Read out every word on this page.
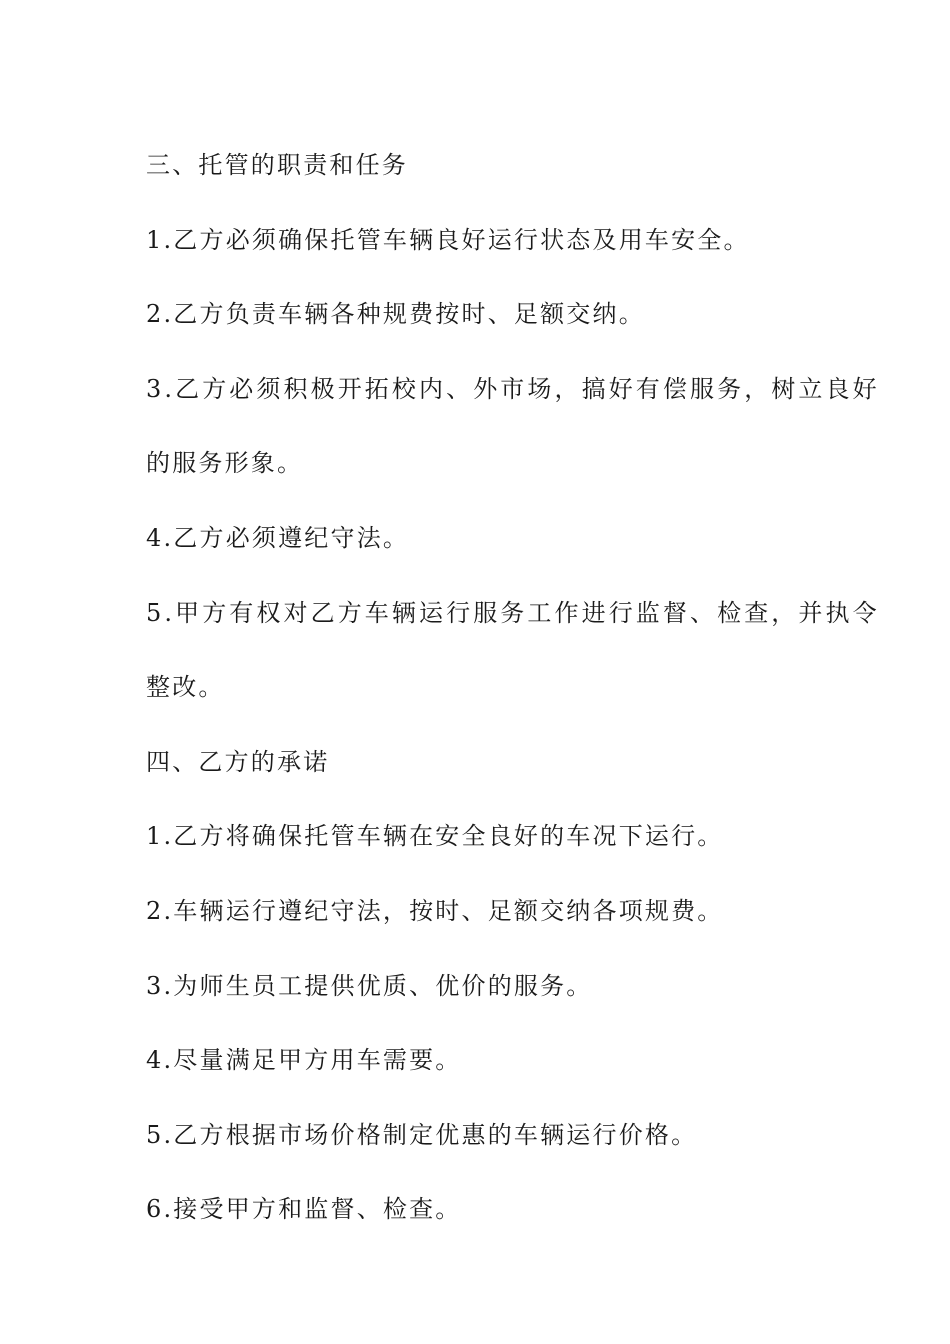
三、托管的职责和任务
1.乙方必须确保托管车辆良好运行状态及用车安全。
2.乙方负责车辆各种规费按时、足额交纳。
3.乙方必须积极开拓校内、外市场，搞好有偿服务，树立良好
的服务形象。
4.乙方必须遵纪守法。
5.甲方有权对乙方车辆运行服务工作进行监督、检查，并执令
整改。
四、乙方的承诺
1.乙方将确保托管车辆在安全良好的车况下运行。
2.车辆运行遵纪守法，按时、足额交纳各项规费。
3.为师生员工提供优质、优价的服务。
4.尽量满足甲方用车需要。
5.乙方根据市场价格制定优惠的车辆运行价格。
6.接受甲方和监督、检查。
